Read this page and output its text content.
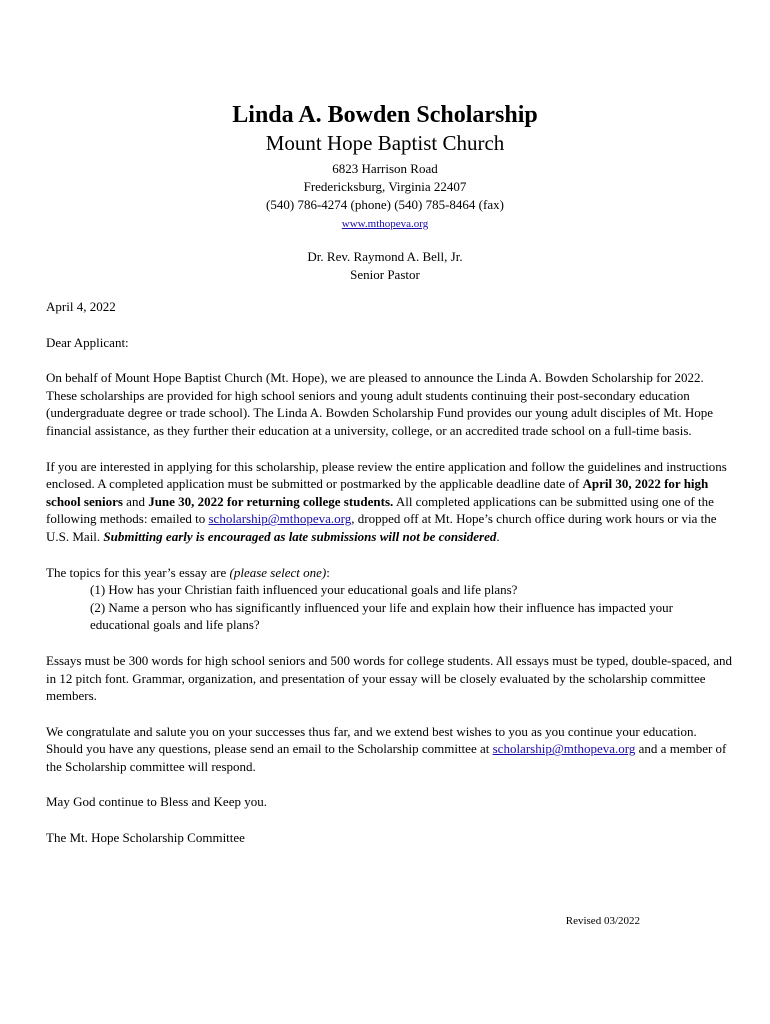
Linda A. Bowden Scholarship
Mount Hope Baptist Church
6823 Harrison Road
Fredericksburg, Virginia 22407
(540) 786-4274 (phone) (540) 785-8464 (fax)
www.mthopeva.org
Dr. Rev. Raymond A. Bell, Jr.
Senior Pastor

April 4, 2022

Dear Applicant:

On behalf of Mount Hope Baptist Church (Mt. Hope), we are pleased to announce the Linda A. Bowden Scholarship for 2022. These scholarships are provided for high school seniors and young adult students continuing their post-secondary education (undergraduate degree or trade school). The Linda A. Bowden Scholarship Fund provides our young adult disciples of Mt. Hope financial assistance, as they further their education at a university, college, or an accredited trade school on a full-time basis.

If you are interested in applying for this scholarship, please review the entire application and follow the guidelines and instructions enclosed. A completed application must be submitted or postmarked by the applicable deadline date of April 30, 2022 for high school seniors and June 30, 2022 for returning college students. All completed applications can be submitted using one of the following methods: emailed to scholarship@mthopeva.org, dropped off at Mt. Hope’s church office during work hours or via the U.S. Mail. Submitting early is encouraged as late submissions will not be considered.

The topics for this year’s essay are (please select one):

(1) How has your Christian faith influenced your educational goals and life plans?
(2) Name a person who has significantly influenced your life and explain how their influence has impacted your educational goals and life plans?

Essays must be 300 words for high school seniors and 500 words for college students. All essays must be typed, double-spaced, and in 12 pitch font. Grammar, organization, and presentation of your essay will be closely evaluated by the scholarship committee members.

We congratulate and salute you on your successes thus far, and we extend best wishes to you as you continue your education. Should you have any questions, please send an email to the Scholarship committee at scholarship@mthopeva.org and a member of the Scholarship committee will respond.

May God continue to Bless and Keep you.

The Mt. Hope Scholarship Committee

Revised 03/2022
